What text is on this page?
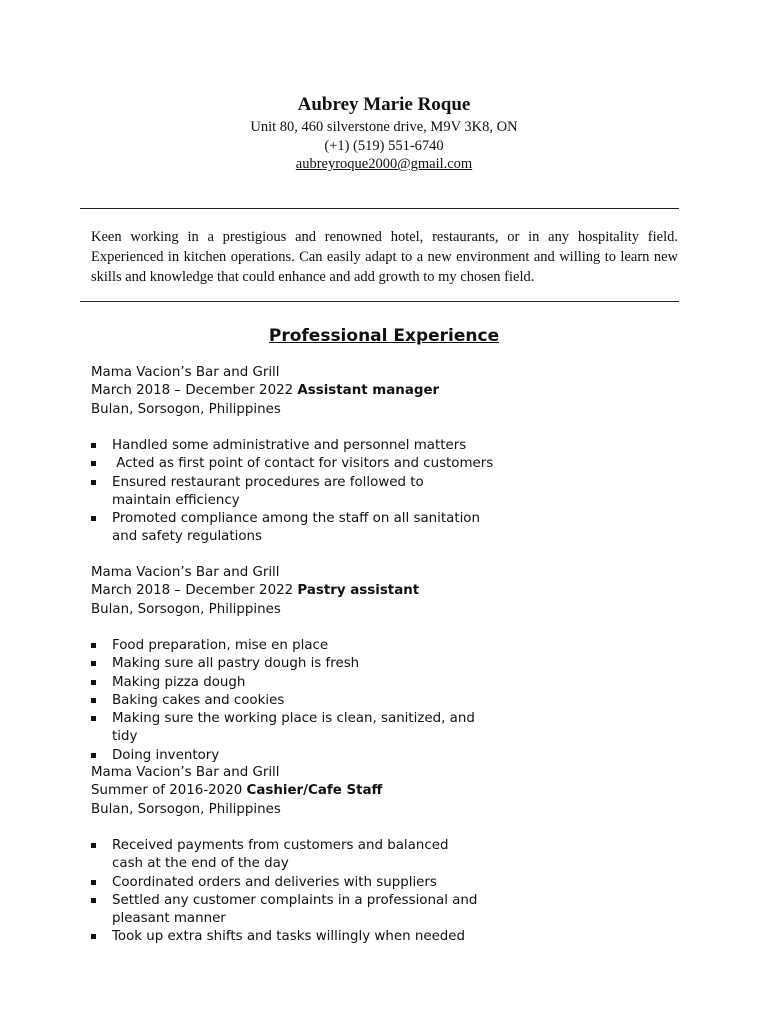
Aubrey Marie Roque
Unit 80, 460 silverstone drive, M9V 3K8, ON
(+1) (519) 551-6740
aubreyroque2000@gmail.com

Keen working in a prestigious and renowned hotel, restaurants, or in any hospitality field. Experienced in kitchen operations. Can easily adapt to a new environment and willing to learn new skills and knowledge that could enhance and add growth to my chosen field.

Professional Experience
Mama Vacion’s Bar and Grill
March 2018 – December 2022 Assistant manager
Bulan, Sorsogon, Philippines
Handled some administrative and personnel matters
Acted as first point of contact for visitors and customers
Ensured restaurant procedures are followed to maintain efficiency
Promoted compliance among the staff on all sanitation and safety regulations
Mama Vacion’s Bar and Grill
March 2018 – December 2022 Pastry assistant
Bulan, Sorsogon, Philippines
Food preparation, mise en place
Making sure all pastry dough is fresh
Making pizza dough
Baking cakes and cookies
Making sure the working place is clean, sanitized, and tidy
Doing inventory
Mama Vacion’s Bar and Grill
Summer of 2016-2020 Cashier/Cafe Staff
Bulan, Sorsogon, Philippines
Received payments from customers and balanced cash at the end of the day
Coordinated orders and deliveries with suppliers
Settled any customer complaints in a professional and pleasant manner
Took up extra shifts and tasks willingly when needed
